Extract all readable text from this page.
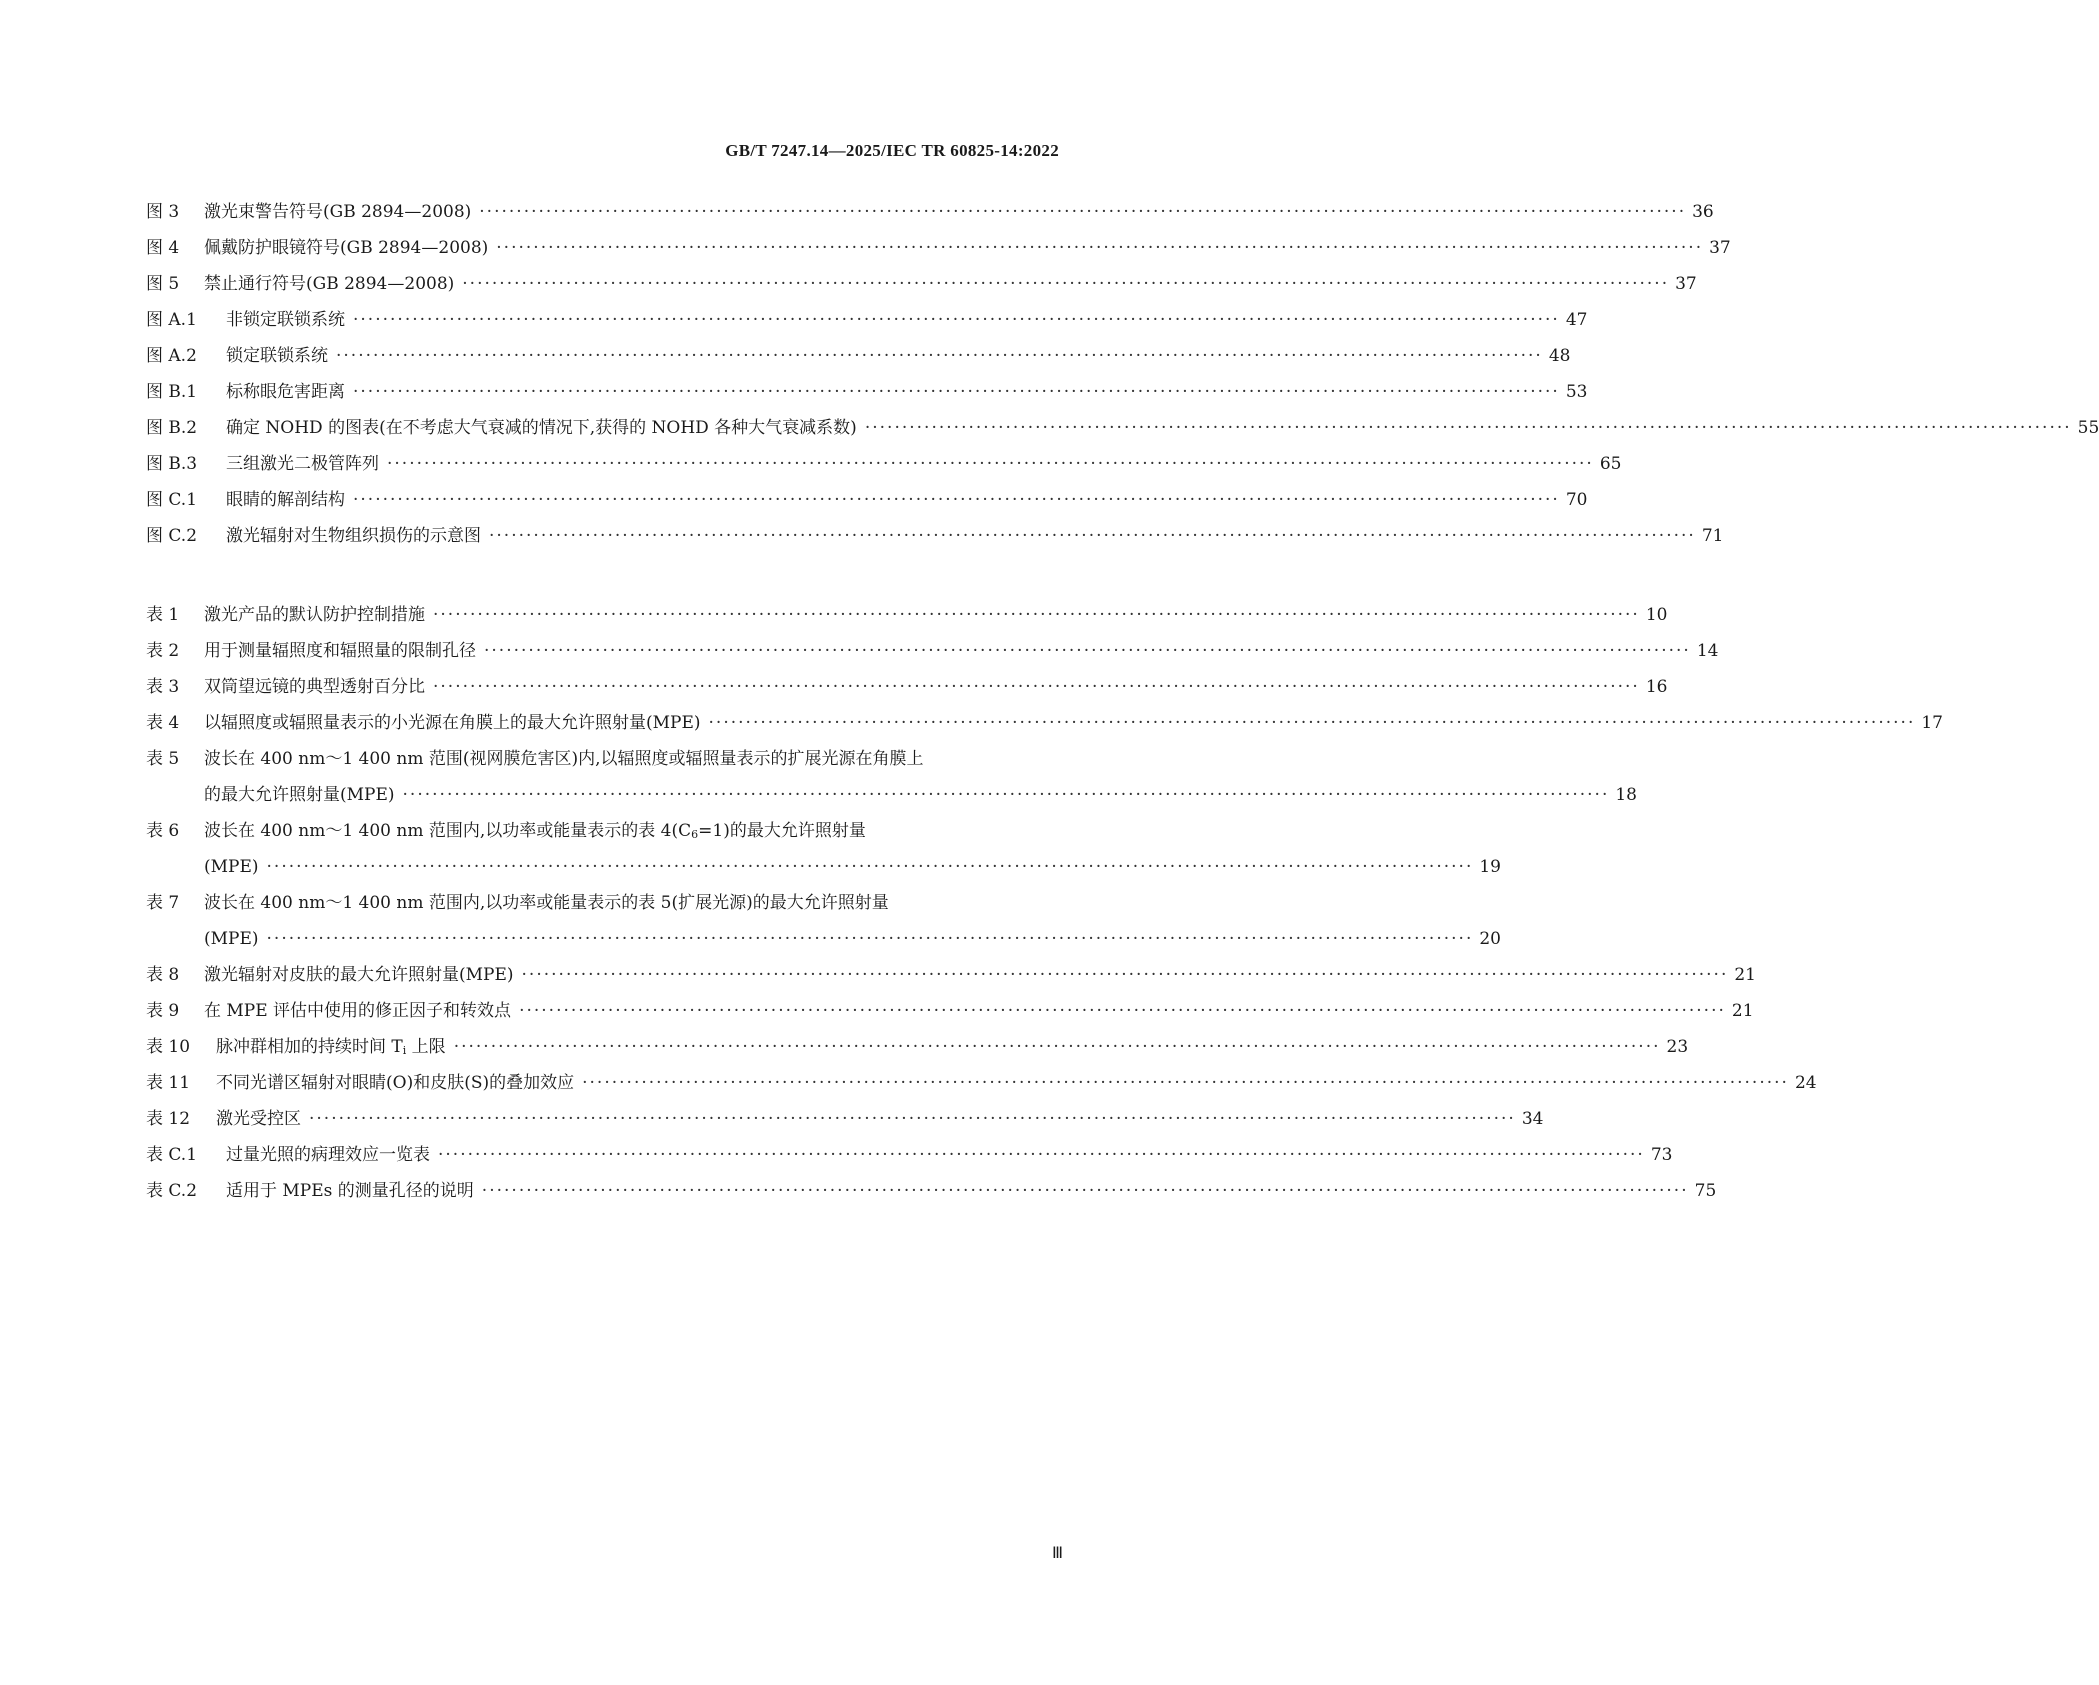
GB/T 7247.14—2025/IEC TR 60825-14:2022
图 3	激光束警告符号(GB 2894—2008) ·····	36
图 4	佩戴防护眼镜符号(GB 2894—2008) ·····	37
图 5	禁止通行符号(GB 2894—2008) ·····	37
图 A.1	非锁定联锁系统 ·····	47
图 A.2	锁定联锁系统 ·····	48
图 B.1	标称眼危害距离 ·····	53
图 B.2	确定 NOHD 的图表(在不考虑大气衰减的情况下,获得的 NOHD 各种大气衰减系数) ·····	55
图 B.3	三组激光二极管阵列 ·····	65
图 C.1	眼睛的解剖结构 ·····	70
图 C.2	激光辐射对生物组织损伤的示意图 ·····	71
表 1	激光产品的默认防护控制措施 ·····	10
表 2	用于测量辐照度和辐照量的限制孔径 ·····	14
表 3	双筒望远镜的典型透射百分比 ·····	16
表 4	以辐照度或辐照量表示的小光源在角膜上的最大允许照射量(MPE) ·····	17
表 5	波长在 400 nm～1 400 nm 范围(视网膜危害区)内,以辐照度或辐照量表示的扩展光源在角膜上
的最大允许照射量(MPE) ·····	18
表 6	波长在 400 nm～1 400 nm 范围内,以功率或能量表示的表 4(C6=1)的最大允许照射量
(MPE) ·····	19
表 7	波长在 400 nm～1 400 nm 范围内,以功率或能量表示的表 5(扩展光源)的最大允许照射量
(MPE) ·····	20
表 8	激光辐射对皮肤的最大允许照射量(MPE) ·····	21
表 9	在 MPE 评估中使用的修正因子和转效点 ·····	21
表 10	脉冲群相加的持续时间 Ti 上限 ·····	23
表 11	不同光谱区辐射对眼睛(O)和皮肤(S)的叠加效应 ·····	24
表 12	激光受控区 ·····	34
表 C.1	过量光照的病理效应一览表 ·····	73
表 C.2	适用于 MPEs 的测量孔径的说明 ·····	75
Ⅲ
